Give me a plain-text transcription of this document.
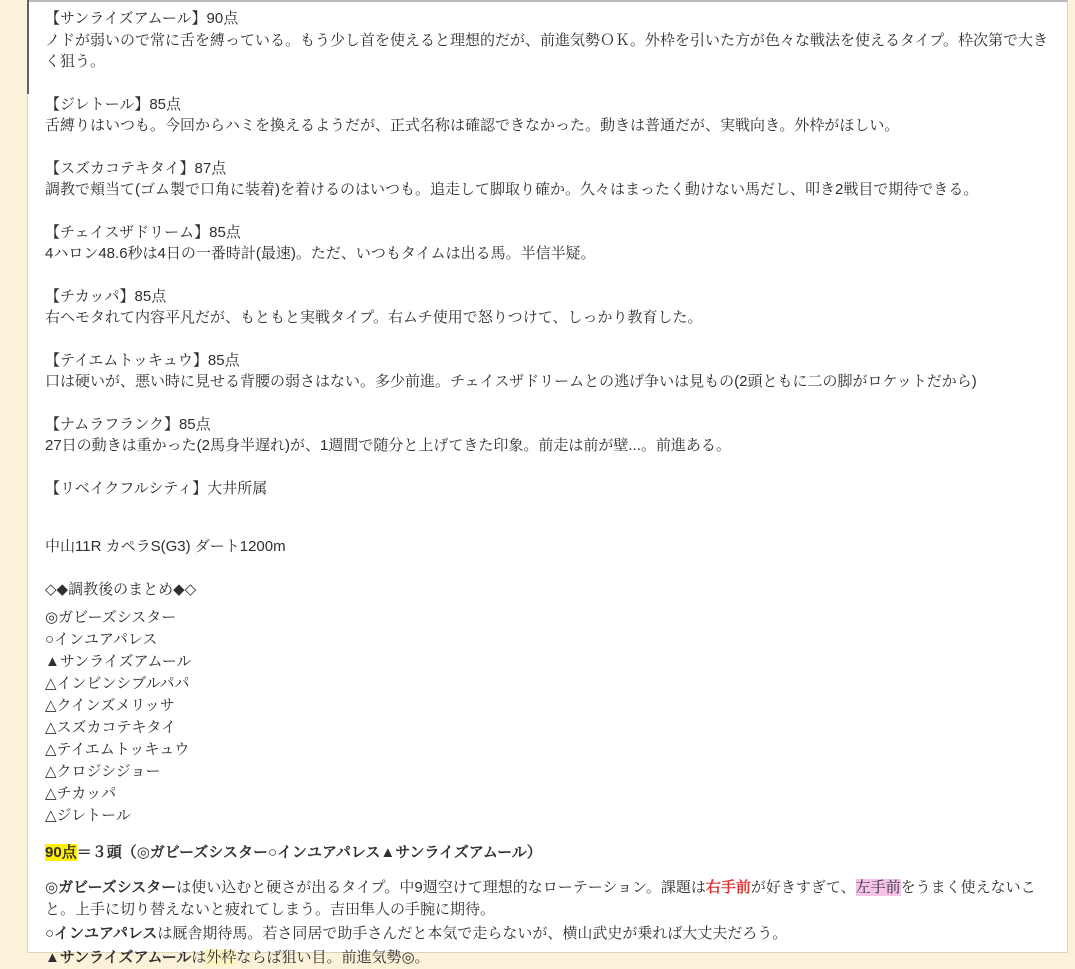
【サンライズアムール】90点
ノドが弱いので常に舌を縛っている。もう少し首を使えると理想的だが、前進気勢ＯＫ。外枠を引いた方が色々な戦法を使えるタイプ。枠次第で大きく狙う。
【ジレトール】85点
舌縛りはいつも。今回からハミを換えるようだが、正式名称は確認できなかった。動きは普通だが、実戦向き。外枠がほしい。
【スズカコテキタイ】87点
調教で頬当て(ゴム製で口角に装着)を着けるのはいつも。追走して脚取り確か。久々はまったく動けない馬だし、叩き2戦目で期待できる。
【チェイスザドリーム】85点
4ハロン48.6秒は4日の一番時計(最速)。ただ、いつもタイムは出る馬。半信半疑。
【チカッパ】85点
右ヘモタれて内容平凡だが、もともと実戦タイプ。右ムチ使用で怒りつけて、しっかり教育した。
【テイエムトッキュウ】85点
口は硬いが、悪い時に見せる背腰の弱さはない。多少前進。チェイスザドリームとの逃げ争いは見もの(2頭ともに二の脚がロケットだから)
【ナムラフランク】85点
27日の動きは重かった(2馬身半遅れ)が、1週間で随分と上げてきた印象。前走は前が壁...。前進ある。
【リベイクフルシティ】大井所属
中山11R カペラS(G3) ダート1200m
◇◆調教後のまとめ◆◇
◎ガビーズシスター
○インユアパレス
▲サンライズアムール
△インビンシブルパパ
△クインズメリッサ
△スズカコテキタイ
△テイエムトッキュウ
△クロジシジョー
△チカッパ
△ジレトール
90点＝３頭（◎ガビーズシスター○インユアパレス▲サンライズアムール）

◎ガビーズシスターは使い込むと硬さが出るタイプ。中9週空けて理想的なローテーション。課題は右手前が好きすぎて、左手前をうまく使えないこと。上手に切り替えないと疲れてしまう。吉田隼人の手腕に期待。

○インユアパレスは厩舎期待馬。若さ同居で助手さんだと本気で走らないが、横山武史が乗れば大丈夫だろう。

▲サンライズアムールは外枠ならば狙い目。前進気勢◎。
